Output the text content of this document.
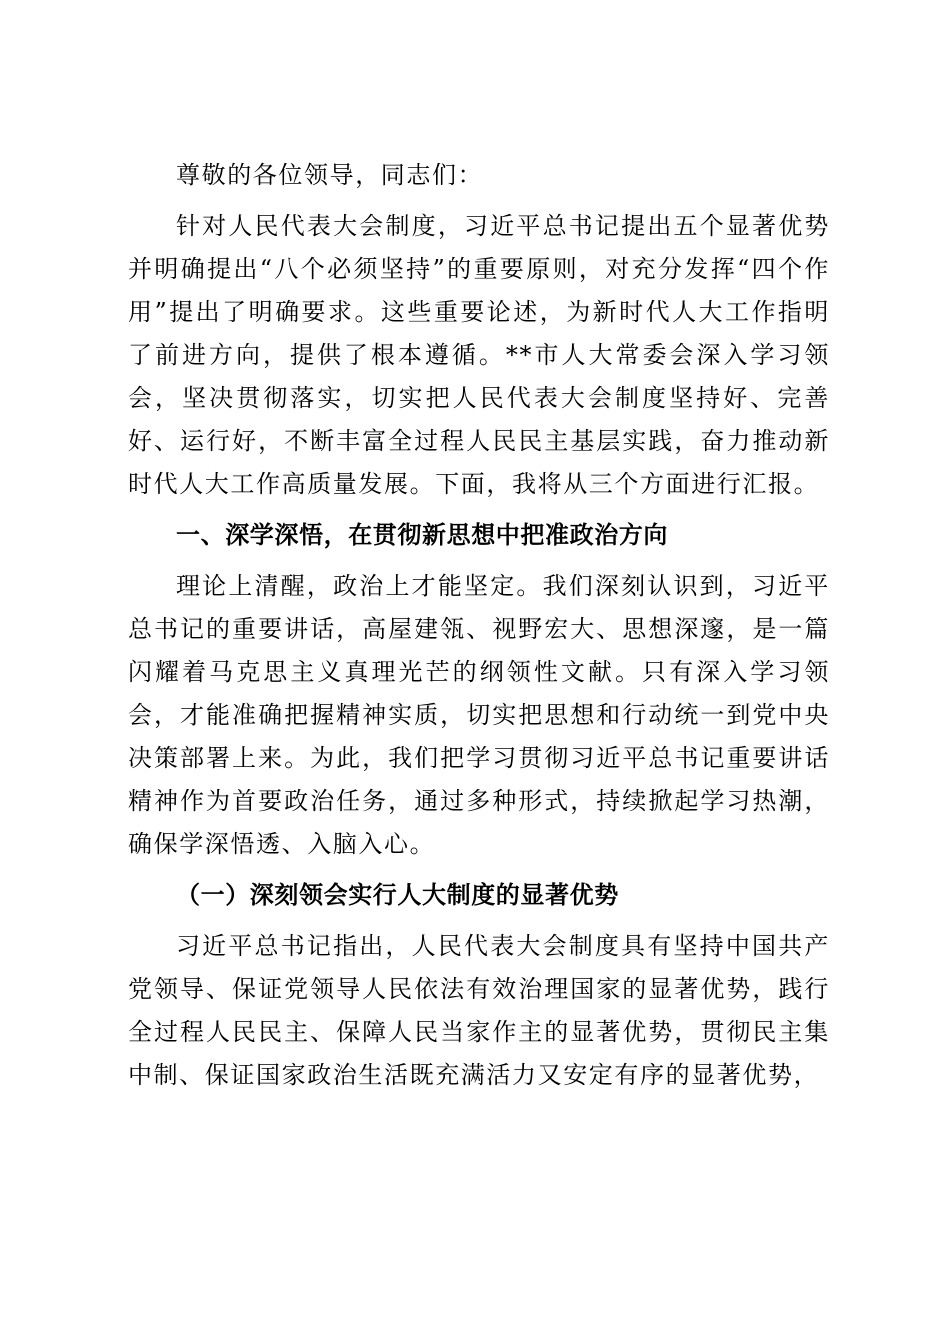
尊敬的各位领导，同志们：

针对人民代表大会制度，习近平总书记提出五个显著优势并明确提出“八个必须坚持”的重要原则，对充分发挥“四个作用”提出了明确要求。这些重要论述，为新时代人大工作指明了前进方向，提供了根本遵循。**市人大常委会深入学习领会，坚决贯彻落实，切实把人民代表大会制度坚持好、完善好、运行好，不断丰富全过程人民民主基层实践，奋力推动新时代人大工作高质量发展。下面，我将从三个方面进行汇报。

一、深学深悟，在贯彻新思想中把准政治方向

理论上清醒，政治上才能坚定。我们深刻认识到，习近平总书记的重要讲话，高屋建瓴、视野宏大、思想深邃，是一篇闪耀着马克思主义真理光芒的纲领性文献。只有深入学习领会，才能准确把握精神实质，切实把思想和行动统一到党中央决策部署上来。为此，我们把学习贯彻习近平总书记重要讲话精神作为首要政治任务，通过多种形式，持续掀起学习热潮，确保学深悟透、入脑入心。

（一）深刻领会实行人大制度的显著优势

习近平总书记指出，人民代表大会制度具有坚持中国共产党领导、保证党领导人民依法有效治理国家的显著优势，践行全过程人民民主、保障人民当家作主的显著优势，贯彻民主集中制、保证国家政治生活既充满活力又安定有序的显著优势，
